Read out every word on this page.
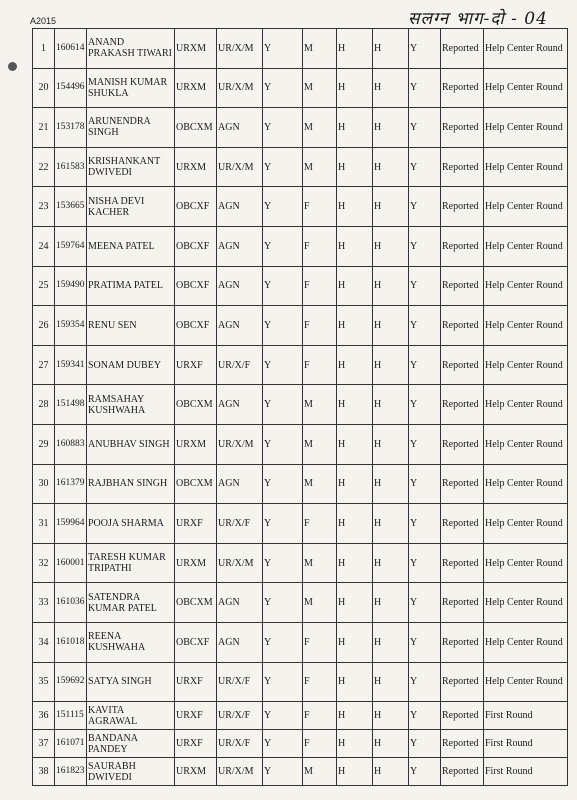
A2015	सलग्न भाग-दो - 04
1	160614	ANAND PRAKASH TIWARI	URXM	UR/X/M	Y	M	H	H	Y	Reported	Help Center Round
20	154496	MANISH KUMAR SHUKLA	URXM	UR/X/M	Y	M	H	H	Y	Reported	Help Center Round
21	153178	ARUNENDRA SINGH	OBCXM	AGN	Y	M	H	H	Y	Reported	Help Center Round
22	161583	KRISHANKANT DWIVEDI	URXM	UR/X/M	Y	M	H	H	Y	Reported	Help Center Round
23	153665	NISHA DEVI KACHER	OBCXF	AGN	Y	F	H	H	Y	Reported	Help Center Round
24	159764	MEENA PATEL	OBCXF	AGN	Y	F	H	H	Y	Reported	Help Center Round
25	159490	PRATIMA PATEL	OBCXF	AGN	Y	F	H	H	Y	Reported	Help Center Round
26	159354	RENU SEN	OBCXF	AGN	Y	F	H	H	Y	Reported	Help Center Round
27	159341	SONAM DUBEY	URXF	UR/X/F	Y	F	H	H	Y	Reported	Help Center Round
28	151498	RAMSAHAY KUSHWAHA	OBCXM	AGN	Y	M	H	H	Y	Reported	Help Center Round
29	160883	ANUBHAV SINGH	URXM	UR/X/M	Y	M	H	H	Y	Reported	Help Center Round
30	161379	RAJBHAN SINGH	OBCXM	AGN	Y	M	H	H	Y	Reported	Help Center Round
31	159964	POOJA SHARMA	URXF	UR/X/F	Y	F	H	H	Y	Reported	Help Center Round
32	160001	TARESH KUMAR TRIPATHI	URXM	UR/X/M	Y	M	H	H	Y	Reported	Help Center Round
33	161036	SATENDRA KUMAR PATEL	OBCXM	AGN	Y	M	H	H	Y	Reported	Help Center Round
34	161018	REENA KUSHWAHA	OBCXF	AGN	Y	F	H	H	Y	Reported	Help Center Round
35	159692	SATYA SINGH	URXF	UR/X/F	Y	F	H	H	Y	Reported	Help Center Round
36	151115	KAVITA AGRAWAL	URXF	UR/X/F	Y	F	H	H	Y	Reported	First Round
37	161071	BANDANA PANDEY	URXF	UR/X/F	Y	F	H	H	Y	Reported	First Round
38	161823	SAURABH DWIVEDI	URXM	UR/X/M	Y	M	H	H	Y	Reported	First Round
